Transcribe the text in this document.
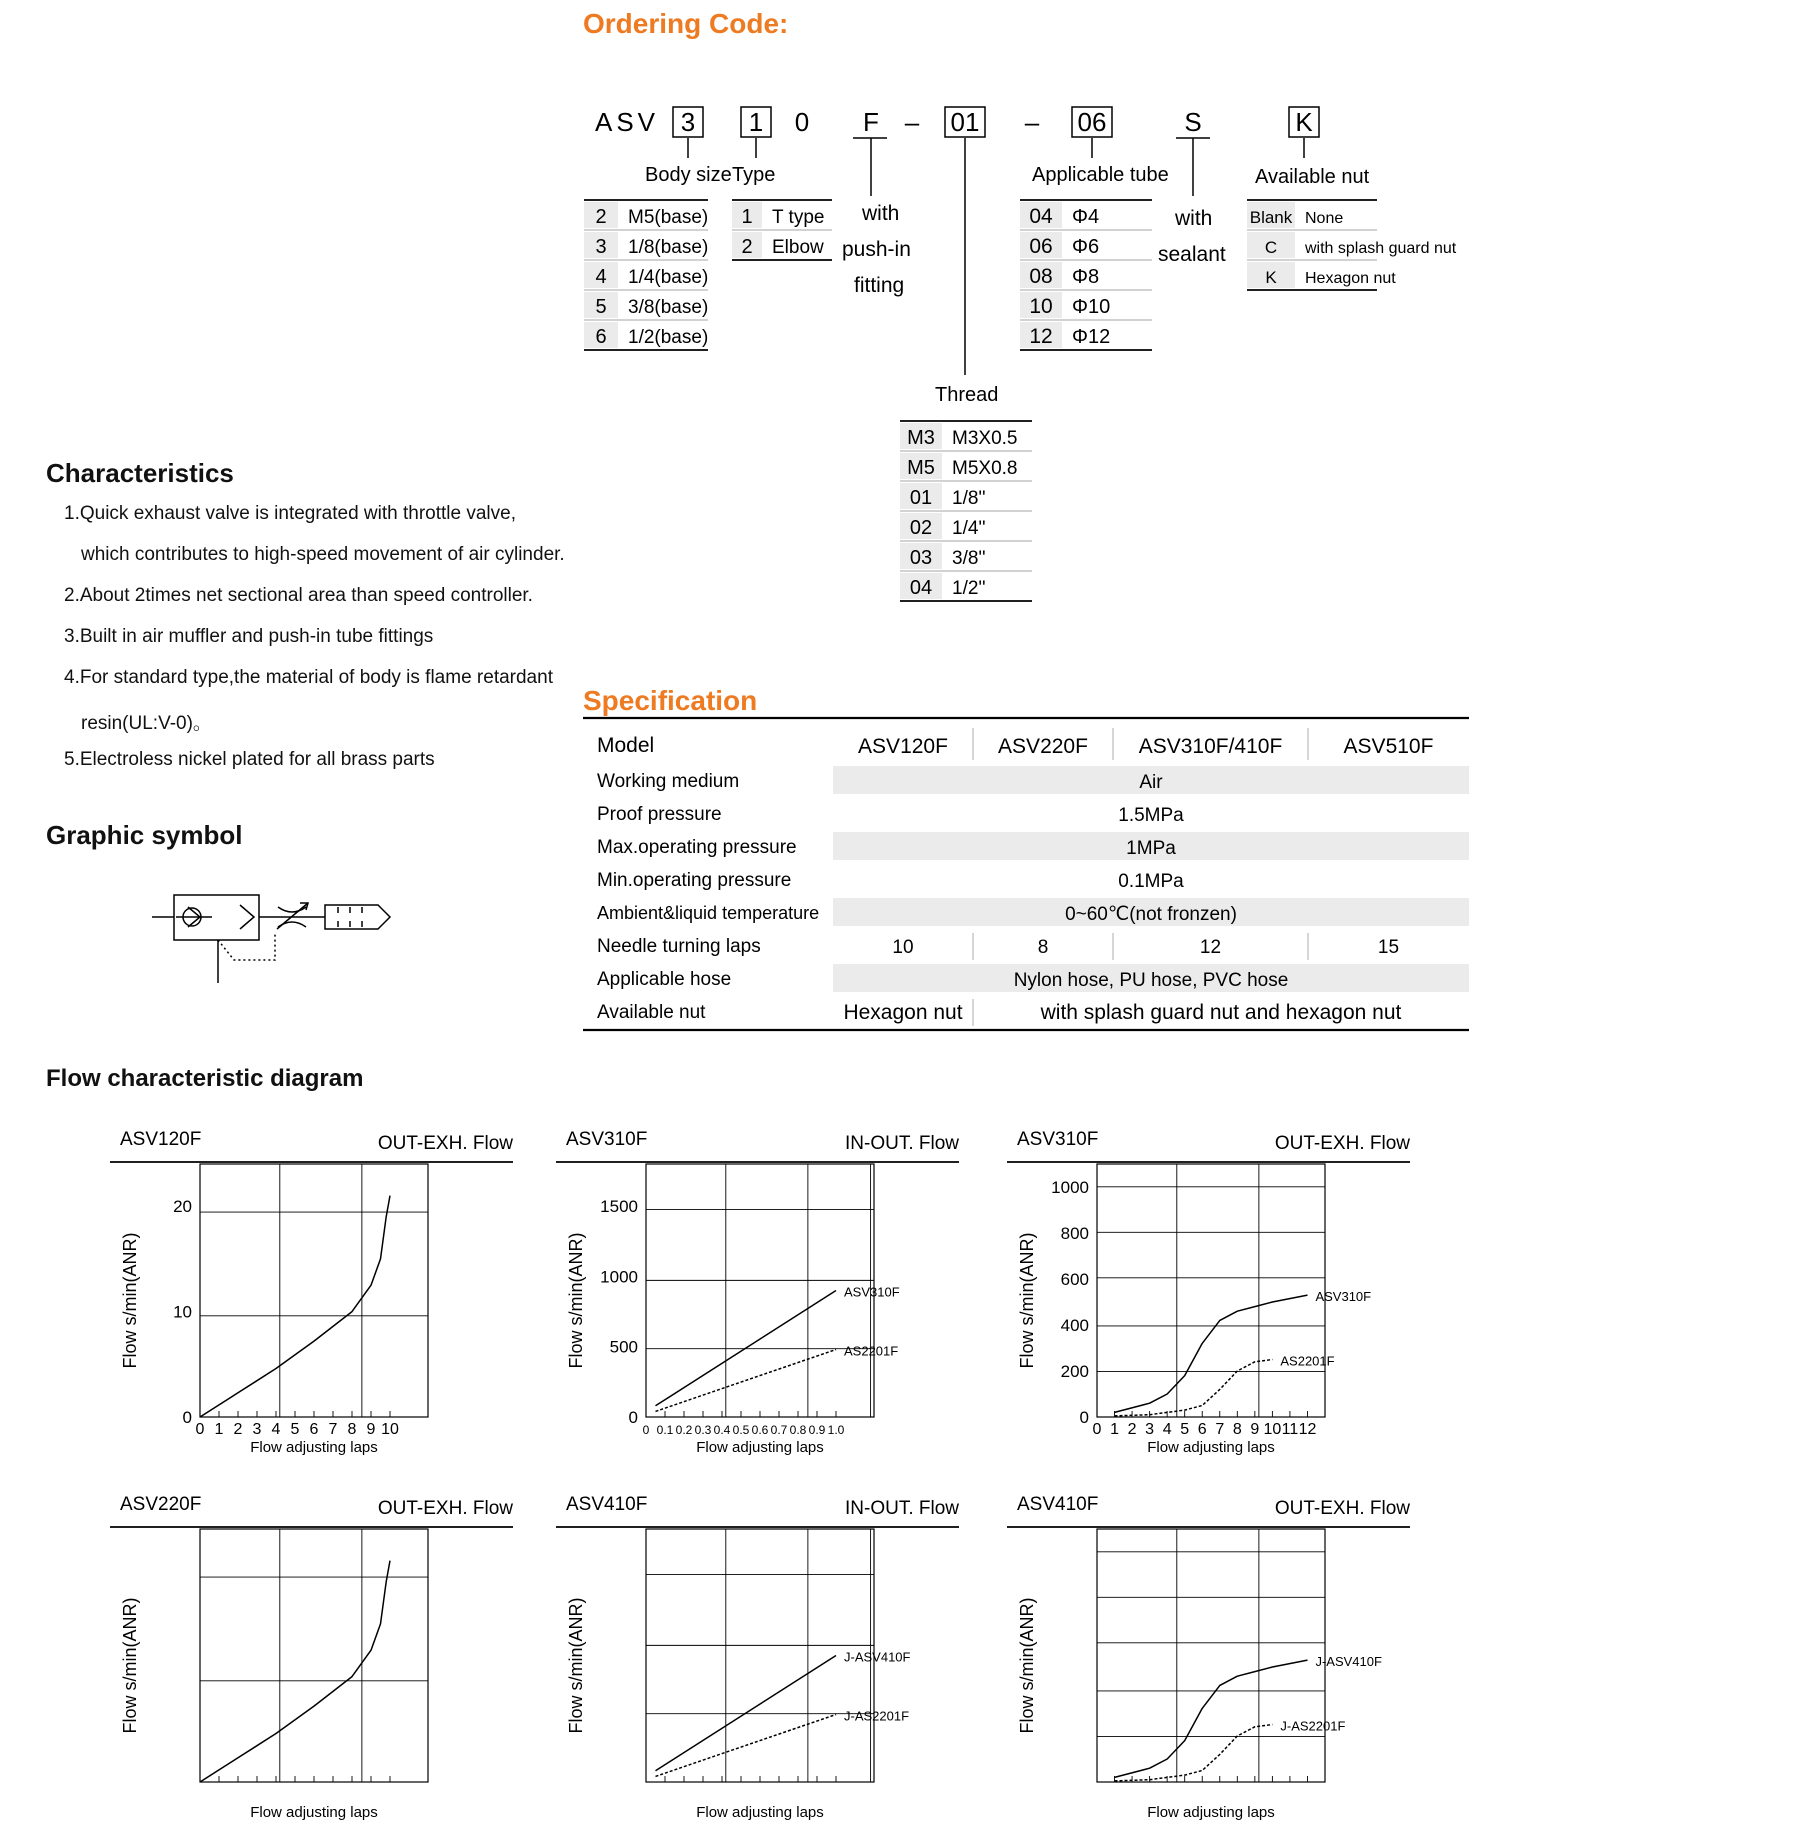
Ordering Code:
ASV 3 1 0 F – 01 – 06	S	K
2 M5(base)
3 1/8(base)
4 1/4(base)
5 3/8(base)
6 1/2(base)
1 T type
2 Elbow
04 Φ4
06 Φ6
08 Φ8
10 Φ10
12 Φ12
Blank None
C with splash guard nut
K Hexagon nut
M3 M3X0.5
M5 M5X0.8
01 1/8''
02 1/4''
03 3/8''
04 1/2''
Body size Type	Applicable tube	Available nut
Thread
with
push-in
fitting
with
sealant
Characteristics
1.Quick exhaust valve is integrated with throttle valve,
which contributes to high-speed movement of air cylinder.
2.About 2times net sectional area than speed controller.
3.Built in air muffler and push-in tube fittings
4.For standard type,the material of body is flame retardant
resin(UL:V-0)。
5.Electroless nickel plated for all brass parts
Graphic symbol
Specification
Model	ASV120F ASV220F ASV310F/410F	ASV510F
Working medium	Air
Proof pressure	1.5MPa
Max.operating pressure	1MPa
Min.operating pressure	0.1MPa
Ambient&liquid temperature	0~60℃(not fronzen)
Needle turning laps	10	8	12	15
Applicable hose	Nylon hose, PU hose, PVC hose
Available nut	Hexagon nut	with splash guard nut and hexagon nut
Flow characteristic diagram
ASV120F	OUT-EXH. Flow
0 1 2 3 4 5 6 7 8 9 10
0
10
20
Flow adjusting laps
Flow s/min(ANR)
ASV310F	IN-OUT. Flow
0 0.1 0.2 0.3 0.4 0.5 0.6 0.7 0.8 0.9 1.0
0
500
1000
1500
Flow adjusting laps
Flow s/min(ANR)	ASV310F
AS2201F
ASV310F	OUT-EXH. Flow
0 1 2 3 4 5 6 7 8 9 10 11 12
0
200
400
600
800
1000
Flow adjusting laps
Flow s/min(ANR)	ASV310F
AS2201F
ASV220F	OUT-EXH. Flow
Flow adjusting laps
Flow s/min(ANR)
ASV410F	IN-OUT. Flow
Flow adjusting laps
Flow s/min(ANR)	J-ASV410F
J-AS2201F
ASV410F	OUT-EXH. Flow
Flow adjusting laps
Flow s/min(ANR)	J-ASV410F
J-AS2201F
